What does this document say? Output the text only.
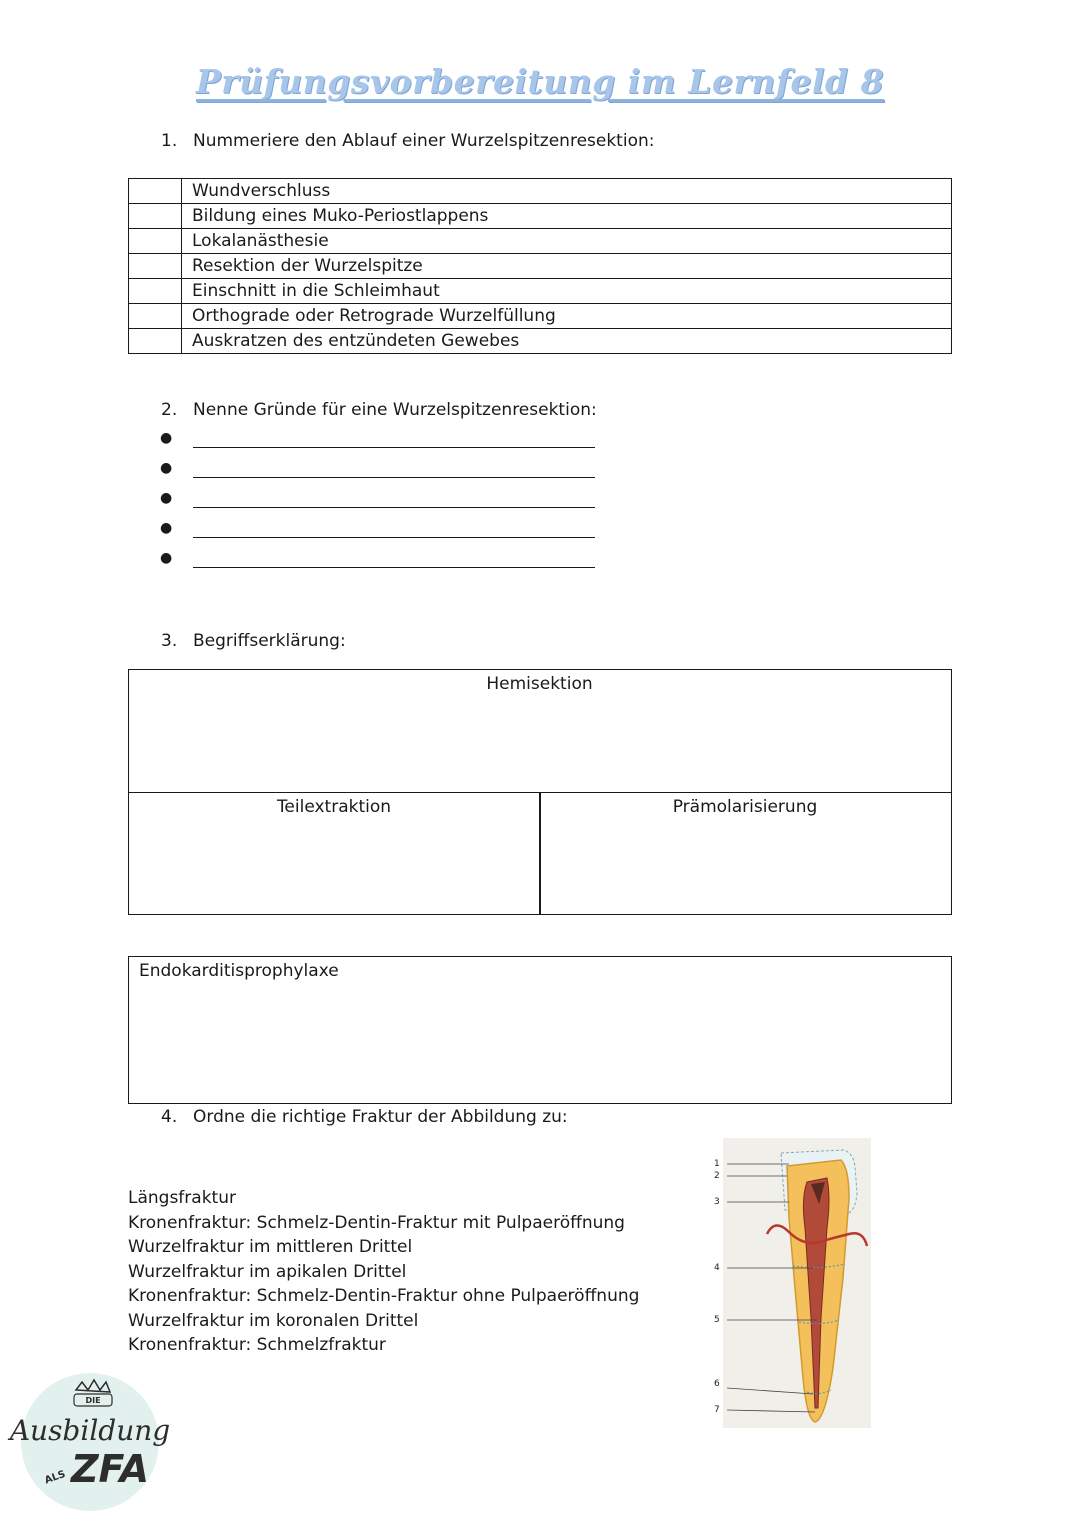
Prüfungsvorbereitung im Lernfeld 8
1. Nummeriere den Ablauf einer Wurzelspitzenresektion:
	Wundverschluss
	Bildung eines Muko-Periostlappens
	Lokalanästhesie
	Resektion der Wurzelspitze
	Einschnitt in die Schleimhaut
	Orthograde oder Retrograde Wurzelfüllung
	Auskratzen des entzündeten Gewebes
2. Nenne Gründe für eine Wurzelspitzenresektion:
●
●
●
●
●
3. Begriffserklärung:
Hemisektion
Teilextraktion	Prämolarisierung
Endokarditisprophylaxe
4. Ordne die richtige Fraktur der Abbildung zu:
Längsfraktur
Kronenfraktur: Schmelz-Dentin-Fraktur mit Pulpaeröffnung
Wurzelfraktur im mittleren Drittel
Wurzelfraktur im apikalen Drittel
Kronenfraktur: Schmelz-Dentin-Fraktur ohne Pulpaeröffnung
Wurzelfraktur im koronalen Drittel
Kronenfraktur: Schmelzfraktur
1
2
3
4
5
6
7
DIE
Ausbildung
ALS ZFA
